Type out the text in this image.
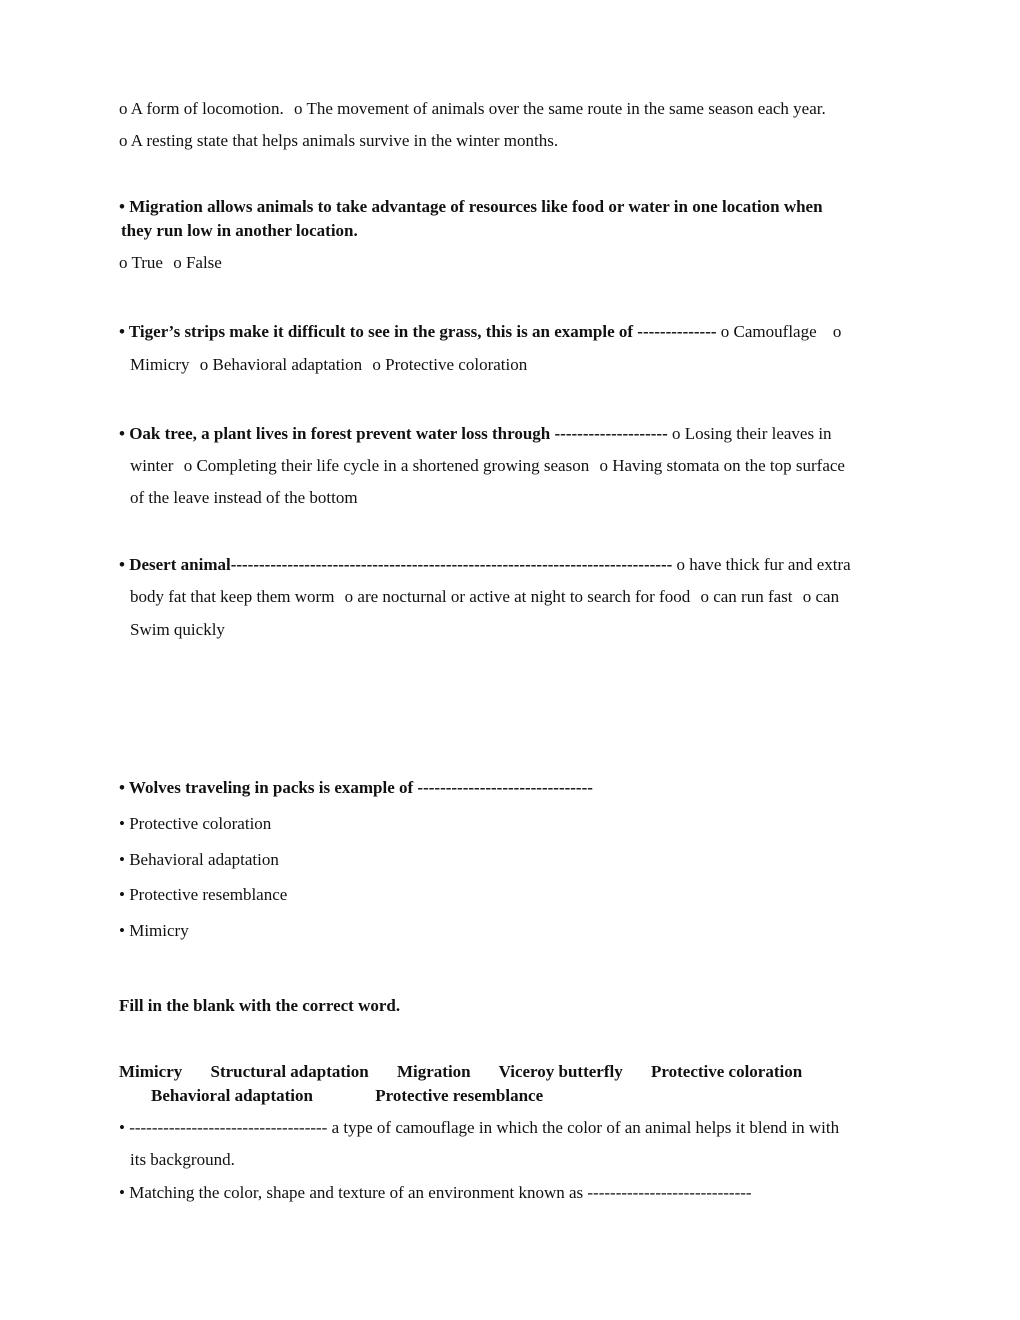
o A form of locomotion. o The movement of animals over the same route in the same season each year.
o A resting state that helps animals survive in the winter months.
• Migration allows animals to take advantage of resources like food or water in one location when
they run low in another location.
o True o False
• Tiger’s strips make it difficult to see in the grass, this is an example of -------------- o Camouflage o
Mimicry o Behavioral adaptation o Protective coloration
• Oak tree, a plant lives in forest prevent water loss through -------------------- o Losing their leaves in
winter o Completing their life cycle in a shortened growing season o Having stomata on the top surface
of the leave instead of the bottom
• Desert animal------------------------------------------------------------------------------ o have thick fur and extra
body fat that keep them worm o are nocturnal or active at night to search for food o can run fast o can
Swim quickly
• Wolves traveling in packs is example of -------------------------------
• Protective coloration
• Behavioral adaptation
• Protective resemblance
• Mimicry
Fill in the blank with the correct word.
Mimicry Structural adaptation Migration Viceroy butterfly Protective coloration
Behavioral adaptation	Protective resemblance
• ----------------------------------- a type of camouflage in which the color of an animal helps it blend in with
its background.
• Matching the color, shape and texture of an environment known as -----------------------------
